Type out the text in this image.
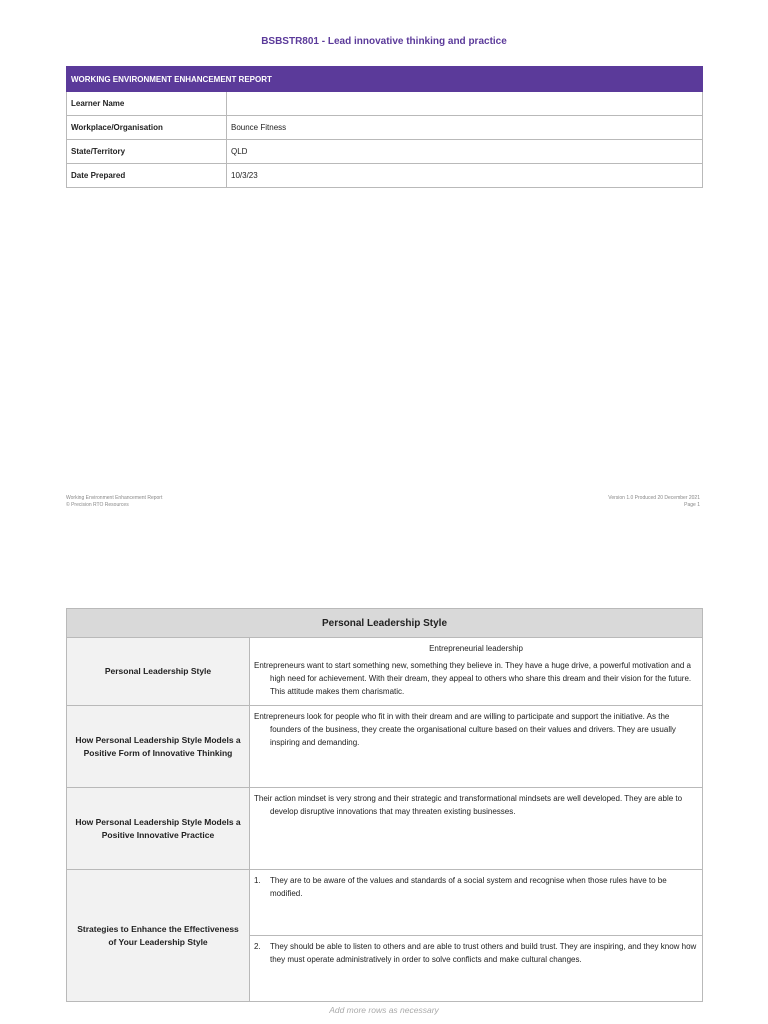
BSBSTR801 - Lead innovative thinking and practice
WORKING ENVIRONMENT ENHANCEMENT REPORT	
Learner Name	
Workplace/Organisation	Bounce Fitness
State/Territory	QLD
Date Prepared	10/3/23
Working Environment Enhancement Report
© Precision RTO Resources
Version 1.0 Produced 20 December 2021
Page 1
Personal Leadership Style	
Personal Leadership Style	Entrepreneurial leadership

Entrepreneurs want to start something new, something they believe in. They have a huge drive, a powerful motivation and a high need for achievement. With their dream, they appeal to others who share this dream and their vision for the future. This attitude makes them charismatic.

How Personal Leadership Style Models a Positive Form of Innovative Thinking	Entrepreneurs look for people who fit in with their dream and are willing to participate and support the initiative. As the founders of the business, they create the organisational culture based on their values and drivers. They are usually inspiring and demanding.

How Personal Leadership Style Models a Positive Innovative Practice	Their action mindset is very strong and their strategic and transformational mindsets are well developed. They are able to develop disruptive innovations that may threaten existing businesses.

Strategies to Enhance the Effectiveness of Your Leadership Style	1. They are to be aware of the values and standards of a social system and recognise when those rules have to be modified.

2. They should be able to listen to others and are able to trust others and build trust. They are inspiring, and they know how they must operate administratively in order to solve conflicts and make cultural changes.

Add more rows as necessary
